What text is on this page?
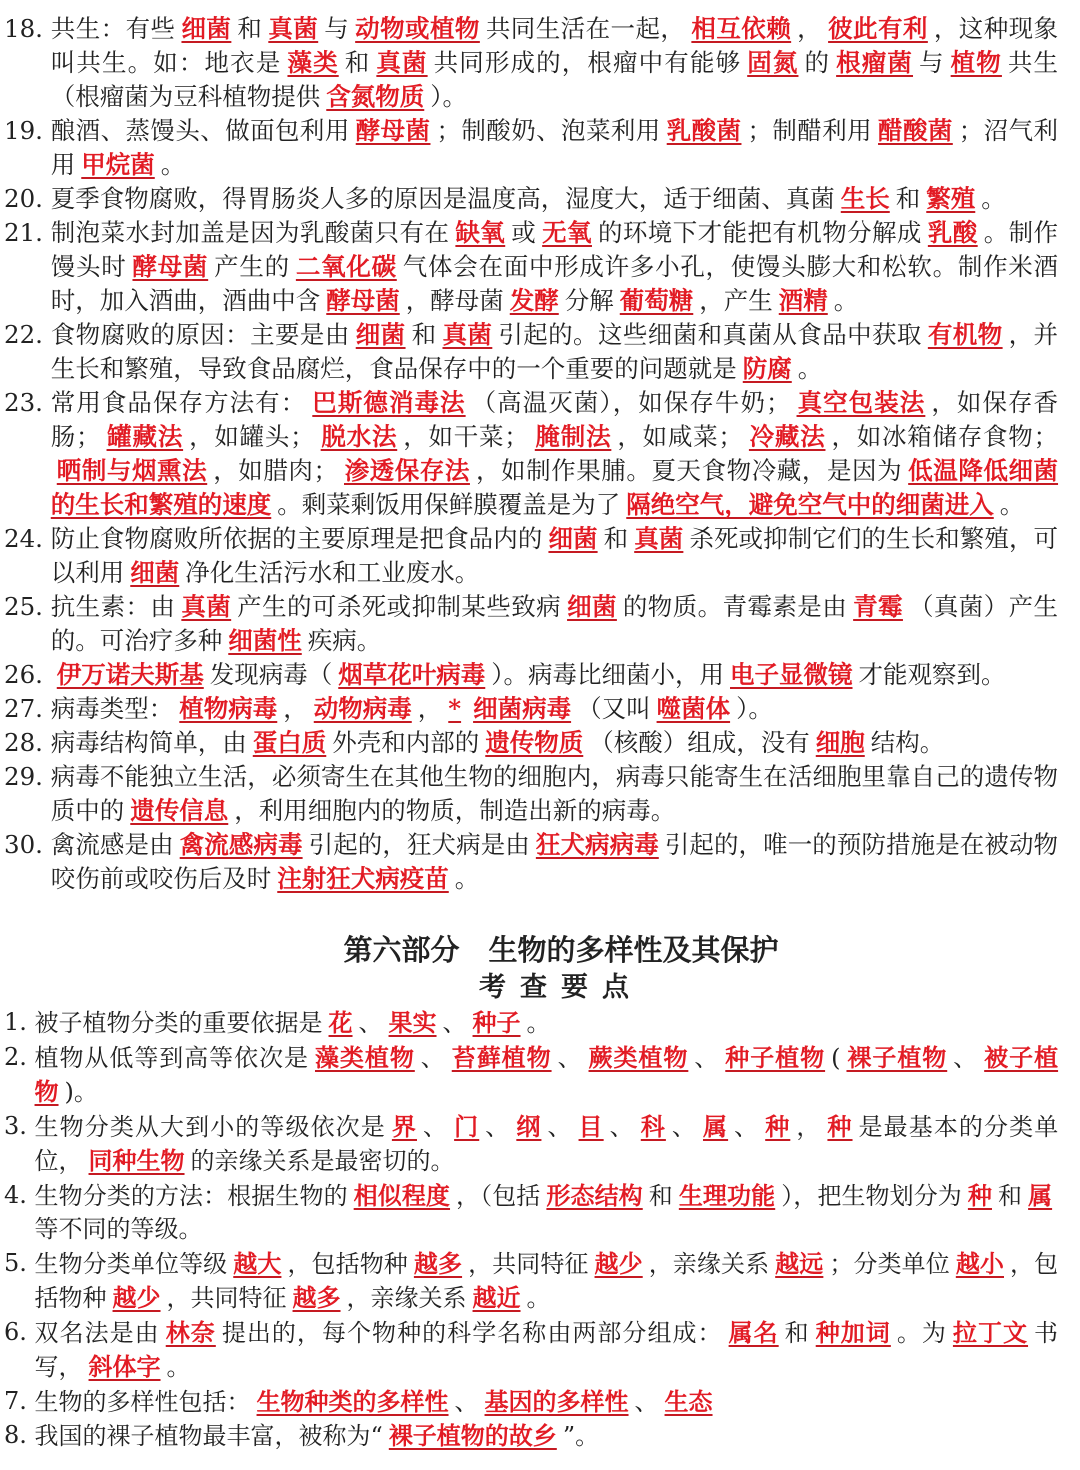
18. 共生：有些 细菌 和 真菌 与 动物或植物 共同生活在一起， 相互依赖 ， 彼此有利 ，这种现象叫共生。如：地衣是 藻类 和 真菌 共同形成的，根瘤中有能够 固氮 的 根瘤菌 与 植物 共生（根瘤菌为豆科植物提供 含氮物质 ）。
19. 酿酒、蒸馒头、做面包利用 酵母菌 ；制酸奶、泡菜利用 乳酸菌 ；制醋利用 醋酸菌 ；沼气利用 甲烷菌 。
20. 夏季食物腐败，得胃肠炎人多的原因是温度高，湿度大，适于细菌、真菌 生长 和 繁殖 。
21. 制泡菜水封加盖是因为乳酸菌只有在 缺氧 或 无氧 的环境下才能把有机物分解成 乳酸 。制作馒头时 酵母菌 产生的 二氧化碳 气体会在面中形成许多小孔，使馒头膨大和松软。制作米酒时，加入酒曲，酒曲中含 酵母菌 ，酵母菌 发酵 分解 葡萄糖 ，产生 酒精 。
22. 食物腐败的原因：主要是由 细菌 和 真菌 引起的。这些细菌和真菌从食品中获取 有机物 ，并生长和繁殖，导致食品腐烂，食品保存中的一个重要的问题就是 防腐 。
23. 常用食品保存方法有： 巴斯德消毒法 （高温灭菌），如保存牛奶； 真空包装法 ，如保存香肠； 罐藏法 ，如罐头； 脱水法 ，如干菜； 腌制法 ，如咸菜； 冷藏法 ，如冰箱储存食物；晒制与烟熏法 ，如腊肉； 渗透保存法 ，如制作果脯。夏天食物冷藏，是因为 低温降低细菌的生长和繁殖的速度 。剩菜剩饭用保鲜膜覆盖是为了 隔绝空气，避免空气中的细菌进入 。
24. 防止食物腐败所依据的主要原理是把食品内的 细菌 和 真菌 杀死或抑制它们的生长和繁殖，可以利用 细菌 净化生活污水和工业废水。
25. 抗生素：由 真菌 产生的可杀死或抑制某些致病 细菌 的物质。青霉素是由 青霉 （真菌）产生的。可治疗多种 细菌性 疾病。
26. 伊万诺夫斯基 发现病毒（ 烟草花叶病毒 ）。病毒比细菌小，用 电子显微镜 才能观察到。
27. 病毒类型： 植物病毒 ， 动物病毒 ， * 细菌病毒 （又叫 噬菌体 ）。
28. 病毒结构简单，由 蛋白质 外壳和内部的 遗传物质 （核酸）组成，没有 细胞 结构。
29. 病毒不能独立生活，必须寄生在其他生物的细胞内，病毒只能寄生在活细胞里靠自己的遗传物质中的 遗传信息 ，利用细胞内的物质，制造出新的病毒。
30. 禽流感是由 禽流感病毒 引起的，狂犬病是由 狂犬病病毒 引起的，唯一的预防措施是在被动物咬伤前或咬伤后及时 注射狂犬病疫苗 。
第六部分　生物的多样性及其保护
考查要点
1. 被子植物分类的重要依据是 花 、 果实 、 种子 。
2. 植物从低等到高等依次是 藻类植物 、 苔藓植物 、 蕨类植物 、 种子植物 ( 裸子植物 、 被子植物 )。
3. 生物分类从大到小的等级依次是 界 、 门 、 纲 、 目 、 科 、 属 、 种 ， 种 是最基本的分类单位， 同种生物 的亲缘关系是最密切的。
4. 生物分类的方法：根据生物的 相似程度 ，（包括 形态结构 和 生理功能 ），把生物划分为 种 和 属等不同的等级。
5. 生物分类单位等级 越大 ，包括物种 越多 ，共同特征 越少 ，亲缘关系 越远 ；分类单位 越小 ，包括物种 越少 ，共同特征 越多 ，亲缘关系 越近 。
6. 双名法是由 林奈 提出的，每个物种的科学名称由两部分组成： 属名 和 种加词 。为 拉丁文 书写， 斜体字 。
7. 生物的多样性包括： 生物种类的多样性 、 基因的多样性 、 生态
8. 我国的裸子植物最丰富，被称为“ 裸子植物的故乡 ”。
